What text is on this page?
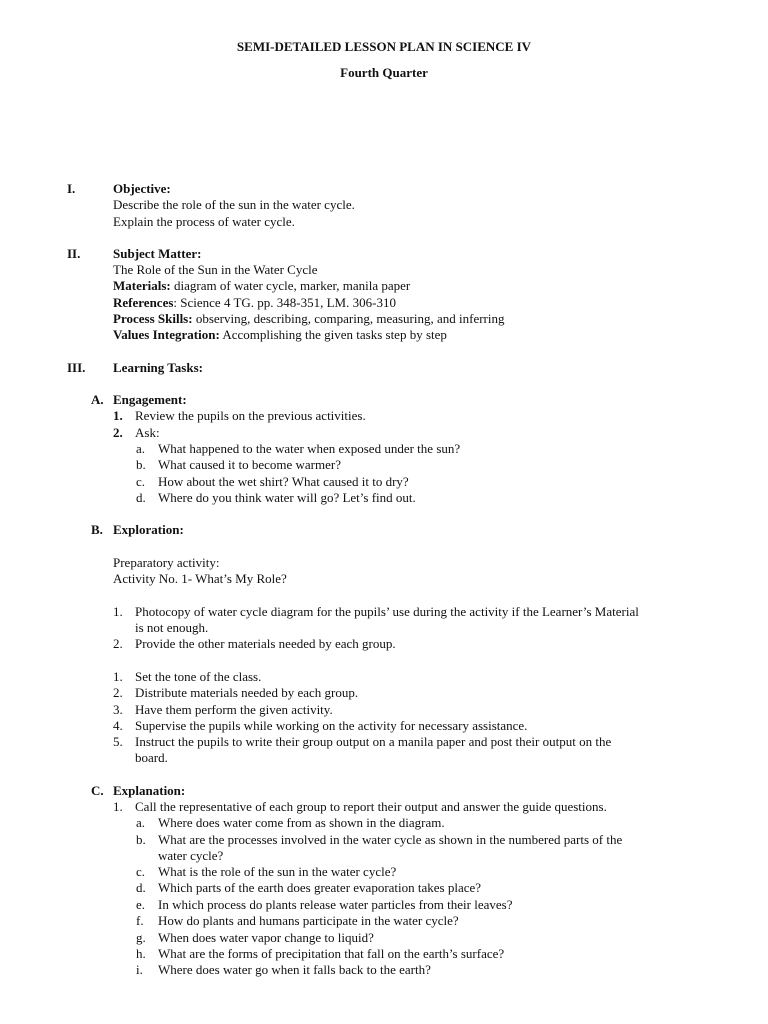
SEMI-DETAILED LESSON PLAN IN SCIENCE IV
Fourth Quarter
I.	Objective:
Describe the role of the sun in the water cycle.
Explain the process of water cycle.
II.	Subject Matter:
The Role of the Sun in the Water Cycle
Materials: diagram of water cycle, marker, manila paper
References: Science 4 TG. pp. 348-351, LM. 306-310
Process Skills: observing, describing, comparing, measuring, and inferring
Values Integration: Accomplishing the given tasks step by step
III. Learning Tasks:
A. Engagement:
1. Review the pupils on the previous activities.
2. Ask:
a. What happened to the water when exposed under the sun?
b. What caused it to become warmer?
c. How about the wet shirt? What caused it to dry?
d. Where do you think water will go? Let’s find out.
B. Exploration:
Preparatory activity:
Activity No. 1- What’s My Role?
1. Photocopy of water cycle diagram for the pupils’ use during the activity if the Learner’s Material
is not enough.
2. Provide the other materials needed by each group.
1. Set the tone of the class.
2. Distribute materials needed by each group.
3. Have them perform the given activity.
4. Supervise the pupils while working on the activity for necessary assistance.
5. Instruct the pupils to write their group output on a manila paper and post their output on the
board.
C. Explanation:
1. Call the representative of each group to report their output and answer the guide questions.
a. Where does water come from as shown in the diagram.
b. What are the processes involved in the water cycle as shown in the numbered parts of the
water cycle?
c. What is the role of the sun in the water cycle?
d. Which parts of the earth does greater evaporation takes place?
e. In which process do plants release water particles from their leaves?
f. How do plants and humans participate in the water cycle?
g. When does water vapor change to liquid?
h. What are the forms of precipitation that fall on the earth’s surface?
i. Where does water go when it falls back to the earth?
